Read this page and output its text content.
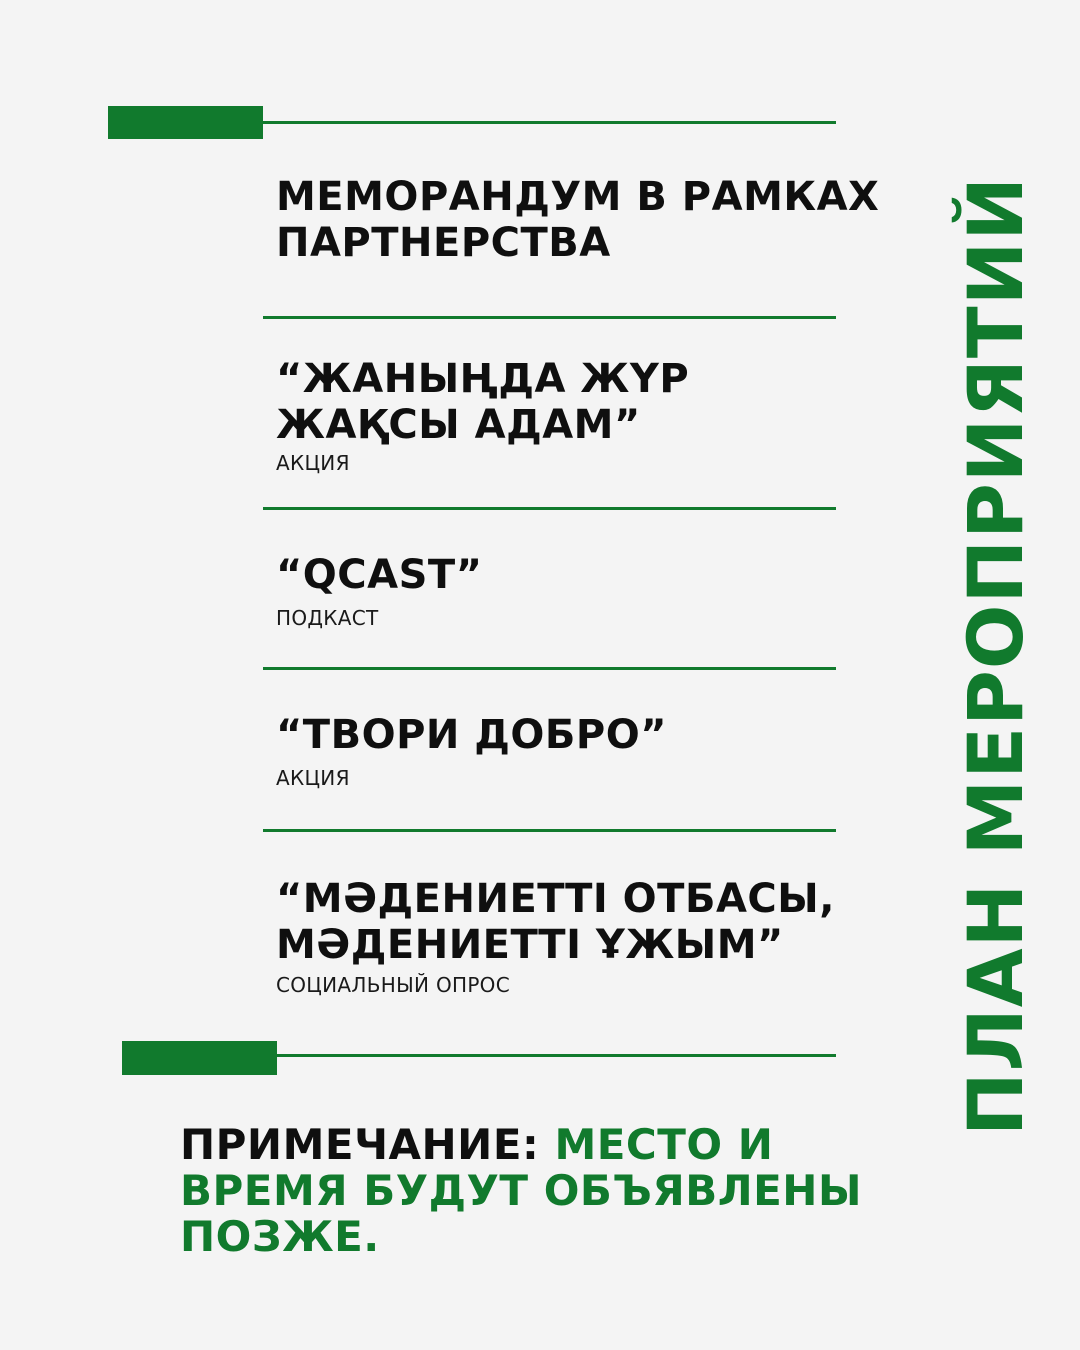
МЕМОРАНДУМ В РАМКАХ
ПАРТНЕРСТВА
“ЖАНЫҢДА ЖҮР
ЖАҚСЫ АДАМ”
АКЦИЯ
“QCAST”
ПОДКАСТ
“ТВОРИ ДОБРО”
АКЦИЯ
“МӘДЕНИЕТТІ ОТБАСЫ,
МӘДЕНИЕТТІ ҰЖЫМ”
СОЦИАЛЬНЫЙ ОПРОС

ПРИМЕЧАНИЕ: МЕСТО И ВРЕМЯ БУДУТ ОБЪЯВЛЕНЫ ПОЗЖЕ.

ПЛАН МЕРОПРИЯТИЙ
